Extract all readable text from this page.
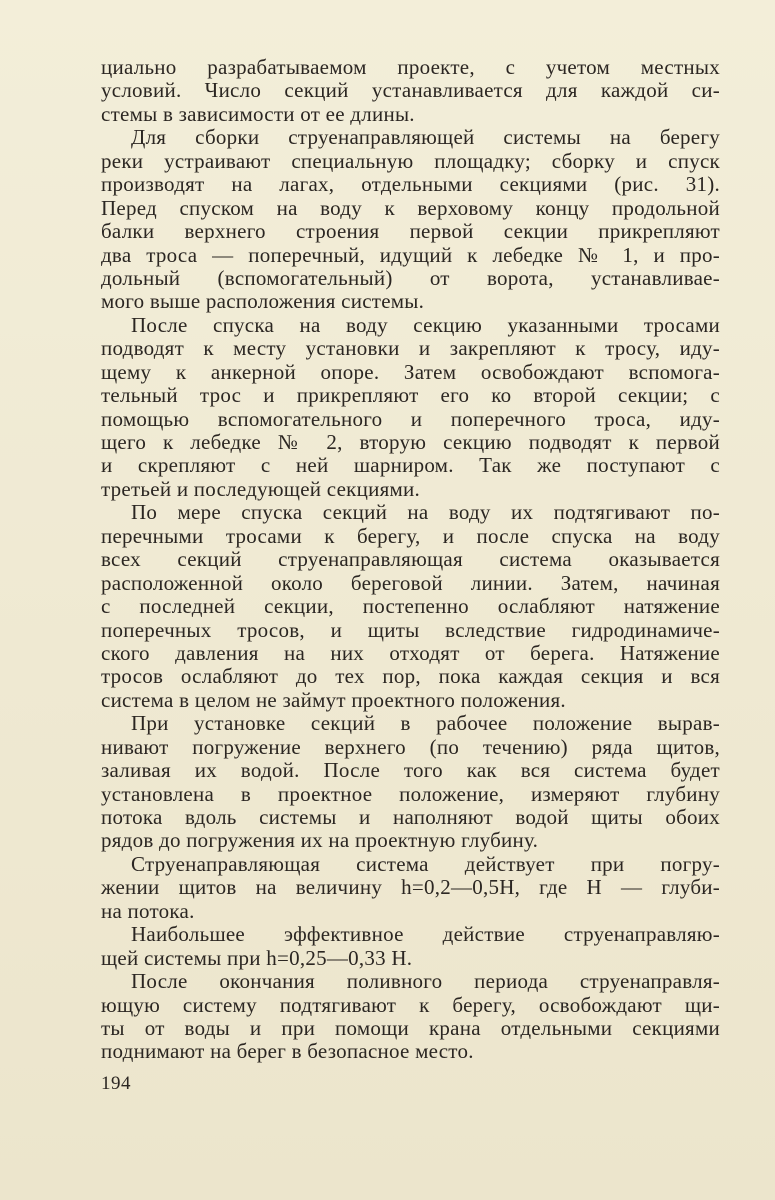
циально разрабатываемом проекте, с учетом местных
условий. Число секций устанавливается для каждой си-
стемы в зависимости от ее длины.
Для сборки струенаправляющей системы на берегу
реки устраивают специальную площадку; сборку и спуск
производят на лагах, отдельными секциями (рис. 31).
Перед спуском на воду к верховому концу продольной
балки верхнего строения первой секции прикрепляют
два троса — поперечный, идущий к лебедке № 1, и про-
дольный (вспомогательный) от ворота, устанавливае-
мого выше расположения системы.
После спуска на воду секцию указанными тросами
подводят к месту установки и закрепляют к тросу, иду-
щему к анкерной опоре. Затем освобождают вспомога-
тельный трос и прикрепляют его ко второй секции; с
помощью вспомогательного и поперечного троса, иду-
щего к лебедке № 2, вторую секцию подводят к первой
и скрепляют с ней шарниром. Так же поступают с
третьей и последующей секциями.
По мере спуска секций на воду их подтягивают по-
перечными тросами к берегу, и после спуска на воду
всех секций струенаправляющая система оказывается
расположенной около береговой линии. Затем, начиная
с последней секции, постепенно ослабляют натяжение
поперечных тросов, и щиты вследствие гидродинамиче-
ского давления на них отходят от берега. Натяжение
тросов ослабляют до тех пор, пока каждая секция и вся
система в целом не займут проектного положения.
При установке секций в рабочее положение вырав-
нивают погружение верхнего (по течению) ряда щитов,
заливая их водой. После того как вся система будет
установлена в проектное положение, измеряют глубину
потока вдоль системы и наполняют водой щиты обоих
рядов до погружения их на проектную глубину.
Струенаправляющая система действует при погру-
жении щитов на величину h=0,2—0,5H, где H — глуби-
на потока.
Наибольшее эффективное действие струенаправляю-
щей системы при h=0,25—0,33 H.
После окончания поливного периода струенаправля-
ющую систему подтягивают к берегу, освобождают щи-
ты от воды и при помощи крана отдельными секциями
поднимают на берег в безопасное место.
194
